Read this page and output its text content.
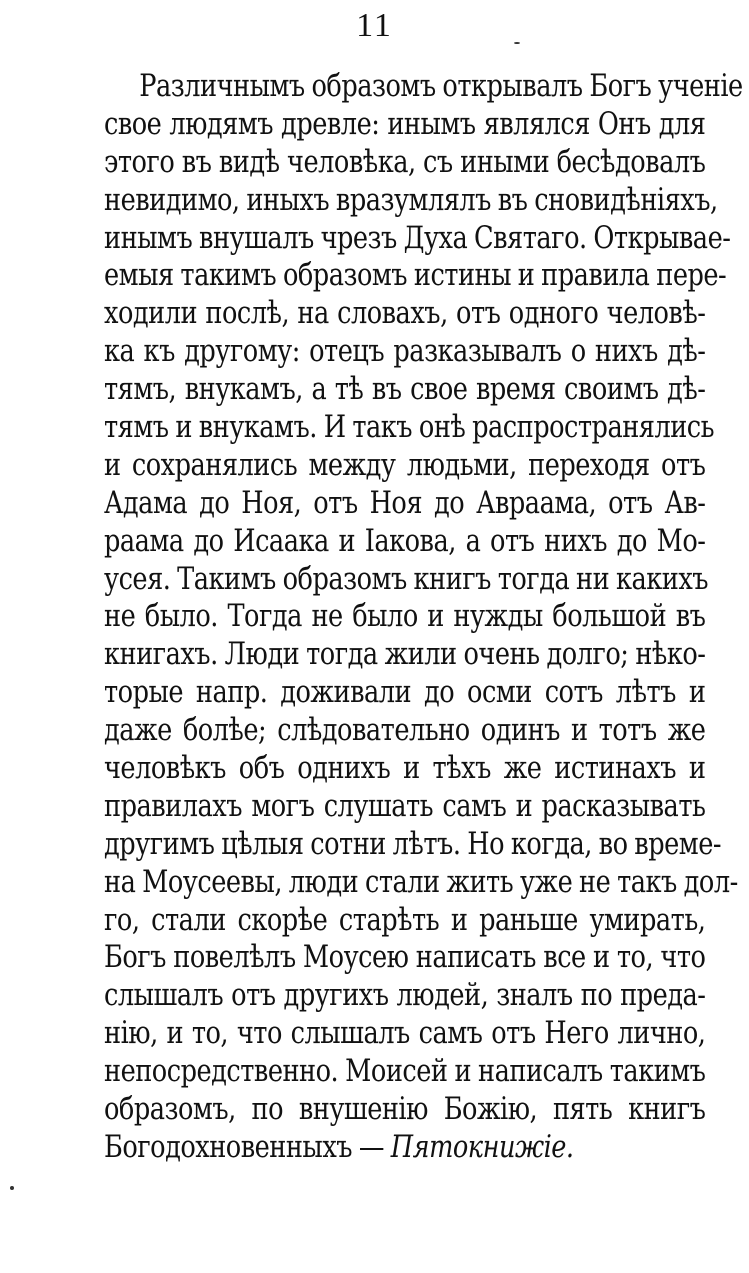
11
Различнымъ образомъ открывалъ Богъ ученіе
свое людямъ древле: инымъ являлся Онъ для
этого въ видѣ человѣка, съ иными бесѣдовалъ
невидимо, иныхъ вразумлялъ въ сновидѣніяхъ,
инымъ внушалъ чрезъ Духа Святаго. Открывае-
емыя такимъ образомъ истины и правила пере-
ходили послѣ, на словахъ, отъ одного человѣ-
ка къ другому: отецъ разказывалъ о нихъ дѣ-
тямъ, внукамъ, а тѣ въ свое время своимъ дѣ-
тямъ и внукамъ. И такъ онѣ распространялись
и сохранялись между людьми, переходя отъ
Адама до Ноя, отъ Ноя до Авраама, отъ Ав-
раама до Исаака и Іакова, а отъ нихъ до Мо-
усея. Такимъ образомъ книгъ тогда ни какихъ
не было. Тогда не было и нужды большой въ
книгахъ. Люди тогда жили очень долго; нѣко-
торые напр. доживали до осми сотъ лѣтъ и
даже болѣе; слѣдовательно одинъ и тотъ же
человѣкъ объ однихъ и тѣхъ же истинахъ и
правилахъ могъ слушать самъ и расказывать
другимъ цѣлыя сотни лѣтъ. Но когда, во време-
на Моусеевы, люди стали жить уже не такъ дол-
го, стали скорѣе старѣть и раньше умирать,
Богъ повелѣлъ Моусею написать все и то, что
слышалъ отъ другихъ людей, зналъ по преда-
нію, и то, что слышалъ самъ отъ Него лично,
непосредственно. Моисей и написалъ такимъ
образомъ, по внушенію Божію, пять книгъ
Богодохновенныхъ — Пятокнижіе.
